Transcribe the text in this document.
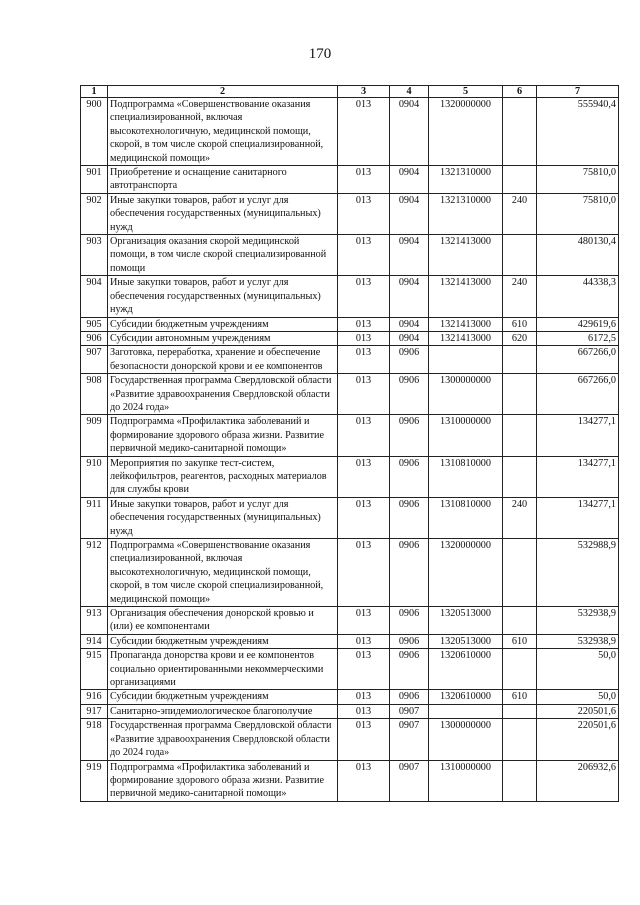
170
1	2	3	4	5	6	7
900	Подпрограмма «Совершенствование оказания специализированной, включая высокотехнологичную, медицинской помощи, скорой, в том числе скорой специализированной, медицинской помощи»	013	0904	1320000000		555940,4
901	Приобретение и оснащение санитарного автотранспорта	013	0904	1321310000		75810,0
902	Иные закупки товаров, работ и услуг для обеспечения государственных (муниципальных) нужд	013	0904	1321310000	240	75810,0
903	Организация оказания скорой медицинской помощи, в том числе скорой специализированной помощи	013	0904	1321413000		480130,4
904	Иные закупки товаров, работ и услуг для обеспечения государственных (муниципальных) нужд	013	0904	1321413000	240	44338,3
905	Субсидии бюджетным учреждениям	013	0904	1321413000	610	429619,6
906	Субсидии автономным учреждениям	013	0904	1321413000	620	6172,5
907	Заготовка, переработка, хранение и обеспечение безопасности донорской крови и ее компонентов	013	0906			667266,0
908	Государственная программа Свердловской области «Развитие здравоохранения Свердловской области до 2024 года»	013	0906	1300000000		667266,0
909	Подпрограмма «Профилактика заболеваний и формирование здорового образа жизни. Развитие первичной медико-санитарной помощи»	013	0906	1310000000		134277,1
910	Мероприятия по закупке тест-систем, лейкофильтров, реагентов, расходных материалов для службы крови	013	0906	1310810000		134277,1
911	Иные закупки товаров, работ и услуг для обеспечения государственных (муниципальных) нужд	013	0906	1310810000	240	134277,1
912	Подпрограмма «Совершенствование оказания специализированной, включая высокотехнологичную, медицинской помощи, скорой, в том числе скорой специализированной, медицинской помощи»	013	0906	1320000000		532988,9
913	Организация обеспечения донорской кровью и (или) ее компонентами	013	0906	1320513000		532938,9
914	Субсидии бюджетным учреждениям	013	0906	1320513000	610	532938,9
915	Пропаганда донорства крови и ее компонентов социально ориентированными некоммерческими организациями	013	0906	1320610000		50,0
916	Субсидии бюджетным учреждениям	013	0906	1320610000	610	50,0
917	Санитарно-эпидемиологическое благополучие	013	0907			220501,6
918	Государственная программа Свердловской области «Развитие здравоохранения Свердловской области до 2024 года»	013	0907	1300000000		220501,6
919	Подпрограмма «Профилактика заболеваний и формирование здорового образа жизни. Развитие первичной медико-санитарной помощи»	013	0907	1310000000		206932,6
